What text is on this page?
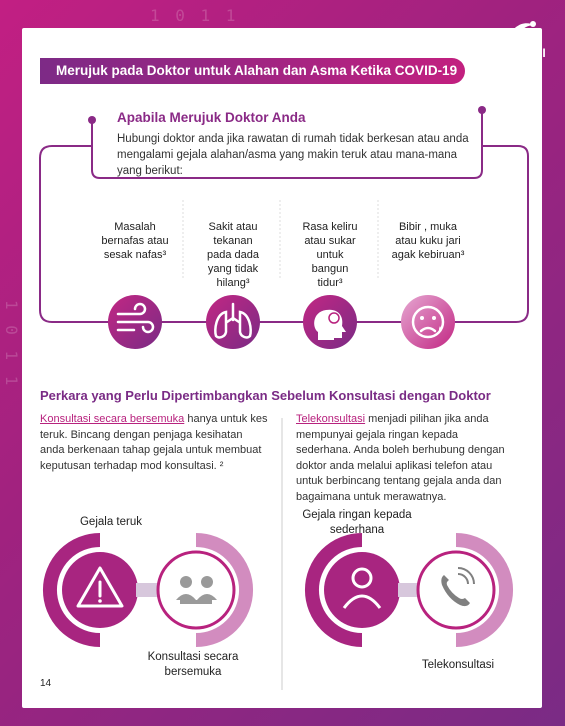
1 0 1 1
1 0 1 1
SANOFI
Merujuk pada Doktor untuk Alahan dan Asma Ketika COVID-19
Apabila Merujuk Doktor Anda
Hubungi doktor anda jika rawatan di rumah tidak berkesan atau anda mengalami gejala alahan/asma yang makin teruk atau mana-mana yang berikut:
Masalah
bernafas atau
sesak nafas³
Sakit atau
tekanan
pada dada
yang tidak
hilang³
Rasa keliru
atau sukar
untuk
bangun
tidur³
Bibir , muka
atau kuku jari
agak kebiruan³
Perkara yang Perlu Dipertimbangkan Sebelum Konsultasi dengan Doktor
Konsultasi secara bersemuka hanya untuk kes teruk. Bincang dengan penjaga kesihatan anda berkenaan tahap gejala untuk membuat keputusan terhadap mod konsultasi. ²
Telekonsultasi menjadi pilihan jika anda mempunyai gejala ringan kepada sederhana. Anda boleh berhubung dengan doktor anda melalui aplikasi telefon atau untuk berbincang tentang gejala anda dan bagaimana untuk merawatnya.
Gejala teruk
Konsultasi secara
bersemuka
Gejala ringan kepada
sederhana
Telekonsultasi
14
